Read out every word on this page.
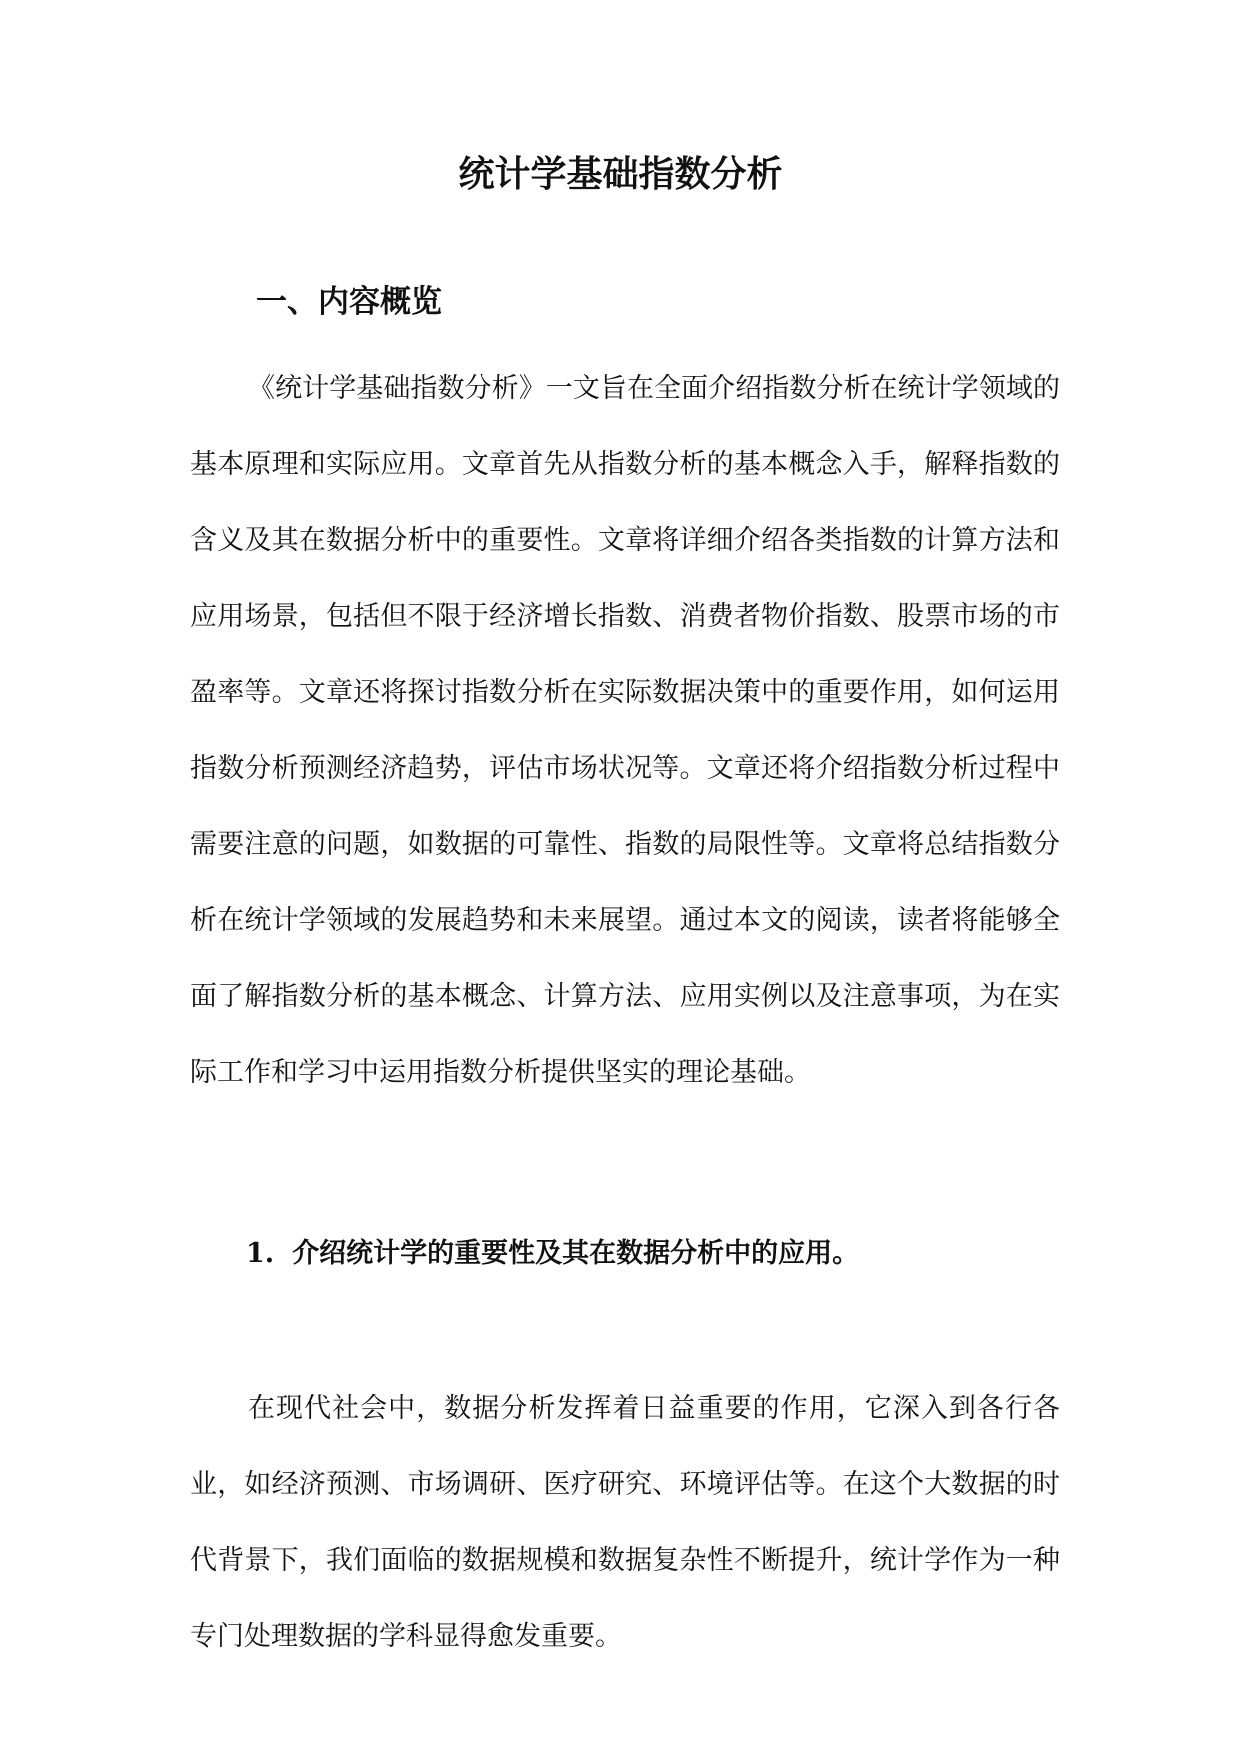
统计学基础指数分析
一、内容概览

《统计学基础指数分析》一文旨在全面介绍指数分析在统计学领域的基本原理和实际应用。文章首先从指数分析的基本概念入手，解释指数的含义及其在数据分析中的重要性。文章将详细介绍各类指数的计算方法和应用场景，包括但不限于经济增长指数、消费者物价指数、股票市场的市盈率等。文章还将探讨指数分析在实际数据决策中的重要作用，如何运用指数分析预测经济趋势，评估市场状况等。文章还将介绍指数分析过程中需要注意的问题，如数据的可靠性、指数的局限性等。文章将总结指数分析在统计学领域的发展趋势和未来展望。通过本文的阅读，读者将能够全面了解指数分析的基本概念、计算方法、应用实例以及注意事项，为在实际工作和学习中运用指数分析提供坚实的理论基础。

1. 介绍统计学的重要性及其在数据分析中的应用。

在现代社会中，数据分析发挥着日益重要的作用，它深入到各行各业，如经济预测、市场调研、医疗研究、环境评估等。在这个大数据的时代背景下，我们面临的数据规模和数据复杂性不断提升，统计学作为一种专门处理数据的学科显得愈发重要。
